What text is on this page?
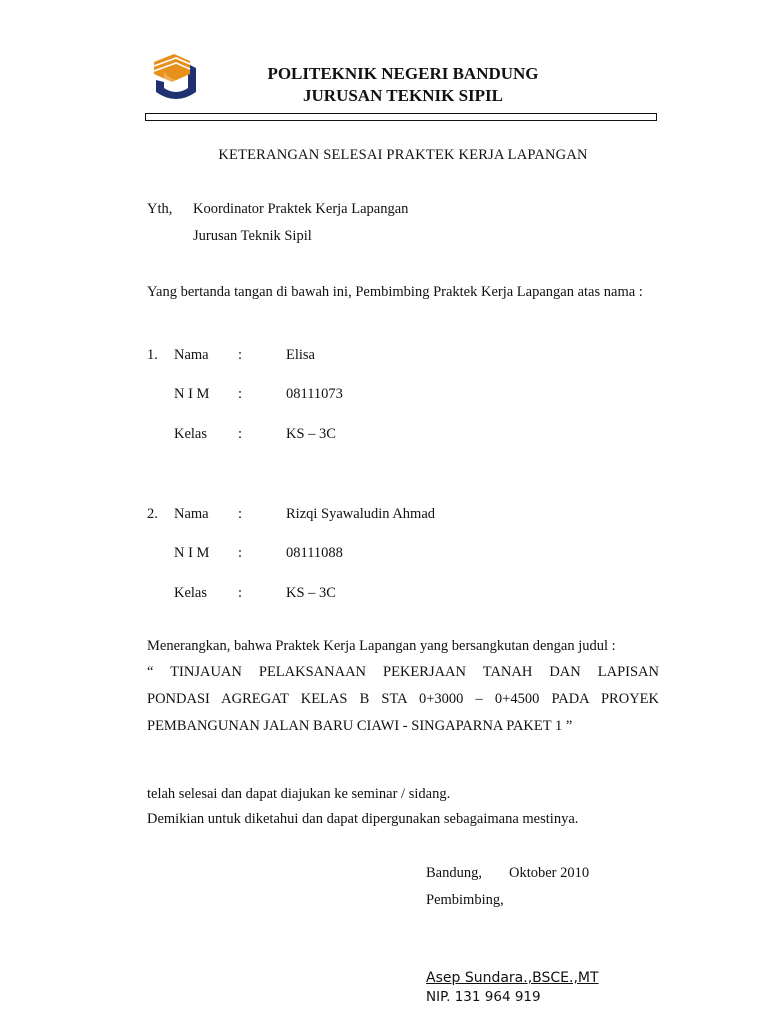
POLITEKNIK NEGERI BANDUNG
JURUSAN TEKNIK SIPIL
KETERANGAN SELESAI PRAKTEK KERJA LAPANGAN
Yth, Koordinator Praktek Kerja Lapangan
Jurusan Teknik Sipil
Yang bertanda tangan di bawah ini, Pembimbing Praktek Kerja Lapangan atas nama :
1. Nama :	Elisa
N I M :	08111073
Kelas :	KS – 3C
2. Nama :	Rizqi Syawaludin Ahmad
N I M :	08111088
Kelas :	KS – 3C
Menerangkan, bahwa Praktek Kerja Lapangan yang bersangkutan dengan judul :
“ TINJAUAN PELAKSANAAN PEKERJAAN TANAH DAN LAPISAN
PONDASI AGREGAT KELAS B STA 0+3000 – 0+4500 PADA PROYEK
PEMBANGUNAN JALAN BARU CIAWI - SINGAPARNA PAKET 1 ”
telah selesai dan dapat diajukan ke seminar / sidang.
Demikian untuk diketahui dan dapat dipergunakan sebagaimana mestinya.
Bandung, Oktober 2010
Pembimbing,
Asep Sundara.,BSCE.,MT
NIP. 131 964 919
